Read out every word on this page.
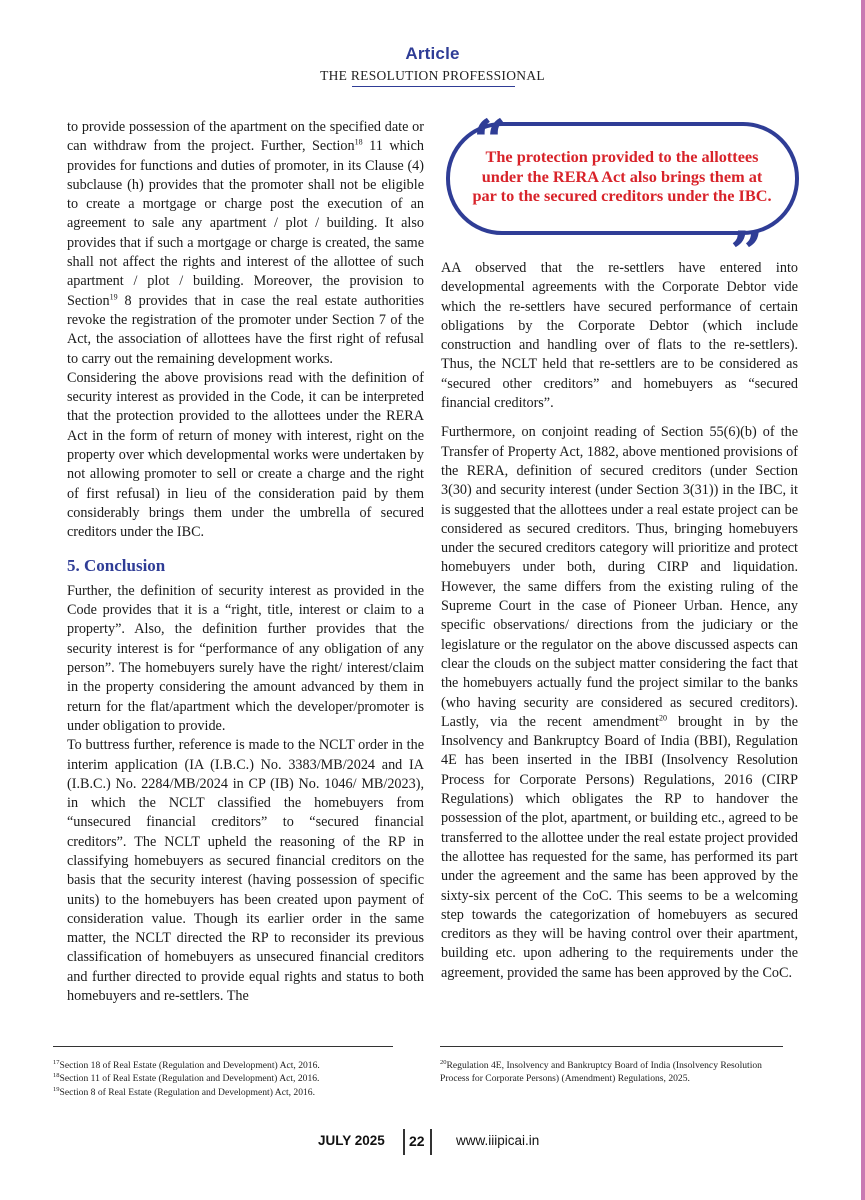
Article
THE RESOLUTION PROFESSIONAL

to provide possession of the apartment on the specified date or can withdraw from the project. Further, Section$^{18}$ 11 which provides for functions and duties of promoter, in its Clause (4) subclause (h) provides that the promoter shall not be eligible to create a mortgage or charge post the execution of an agreement to sale any apartment / plot / building. It also provides that if such a mortgage or charge is created, the same shall not affect the rights and interest of the allottee of such apartment / plot / building. Moreover, the provision to Section$^{19}$ 8 provides that in case the real estate authorities revoke the registration of the promoter under Section 7 of the Act, the association of allottees have the first right of refusal to carry out the remaining development works.

Considering the above provisions read with the definition of security interest as provided in the Code, it can be interpreted that the protection provided to the allottees under the RERA Act in the form of return of money with interest, right on the property over which developmental works were undertaken by not allowing promoter to sell or create a charge and the right of first refusal) in lieu of the consideration paid by them considerably brings them under the umbrella of secured creditors under the IBC.

5. Conclusion

Further, the definition of security interest as provided in the Code provides that it is a “right, title, interest or claim to a property”. Also, the definition further provides that the security interest is for “performance of any obligation of any person”. The homebuyers surely have the right/ interest/claim in the property considering the amount advanced by them in return for the flat/apartment which the developer/promoter is under obligation to provide.

To buttress further, reference is made to the NCLT order in the interim application (IA (I.B.C.) No. 3383/MB/2024 and IA (I.B.C.) No. 2284/MB/2024 in CP (IB) No. 1046/ MB/2023), in which the NCLT classified the homebuyers from “unsecured financial creditors” to “secured financial creditors”. The NCLT upheld the reasoning of the RP in classifying homebuyers as secured financial creditors on the basis that the security interest (having possession of specific units) to the homebuyers has been created upon payment of consideration value. Though its earlier order in the same matter, the NCLT directed the RP to reconsider its previous classification of homebuyers as unsecured financial creditors and further directed to provide equal rights and status to both homebuyers and re-settlers. The

The protection provided to the allottees under the RERA Act also brings them at par to the secured creditors under the IBC.
“
”

AA observed that the re-settlers have entered into developmental agreements with the Corporate Debtor vide which the re-settlers have secured performance of certain obligations by the Corporate Debtor (which include construction and handling over of flats to the re-settlers). Thus, the NCLT held that re-settlers are to be considered as “secured other creditors” and homebuyers as “secured financial creditors”.

Furthermore, on conjoint reading of Section 55(6)(b) of the Transfer of Property Act, 1882, above mentioned provisions of the RERA, definition of secured creditors (under Section 3(30) and security interest (under Section 3(31)) in the IBC, it is suggested that the allottees under a real estate project can be considered as secured creditors. Thus, bringing homebuyers under the secured creditors category will prioritize and protect homebuyers under both, during CIRP and liquidation. However, the same differs from the existing ruling of the Supreme Court in the case of Pioneer Urban. Hence, any specific observations/ directions from the judiciary or the legislature or the regulator on the above discussed aspects can clear the clouds on the subject matter considering the fact that the homebuyers actually fund the project similar to the banks (who having security are considered as secured creditors). Lastly, via the recent amendment$^{20}$ brought in by the Insolvency and Bankruptcy Board of India (BBI), Regulation 4E has been inserted in the IBBI (Insolvency Resolution Process for Corporate Persons) Regulations, 2016 (CIRP Regulations) which obligates the RP to handover the possession of the plot, apartment, or building etc., agreed to be transferred to the allottee under the real estate project provided the allottee has requested for the same, has performed its part under the agreement and the same has been approved by the sixty-six percent of the CoC. This seems to be a welcoming step towards the categorization of homebuyers as secured creditors as they will be having control over their apartment, building etc. upon adhering to the requirements under the agreement, provided the same has been approved by the CoC.

$^{17}$Section 18 of Real Estate (Regulation and Development) Act, 2016.

$^{18}$Section 11 of Real Estate (Regulation and Development) Act, 2016.

$^{19}$Section 8 of Real Estate (Regulation and Development) Act, 2016.

$^{20}$Regulation 4E, Insolvency and Bankruptcy Board of India (Insolvency Resolution Process for Corporate Persons) (Amendment) Regulations, 2025.

JULY 2025 22 www.iiipicai.in
